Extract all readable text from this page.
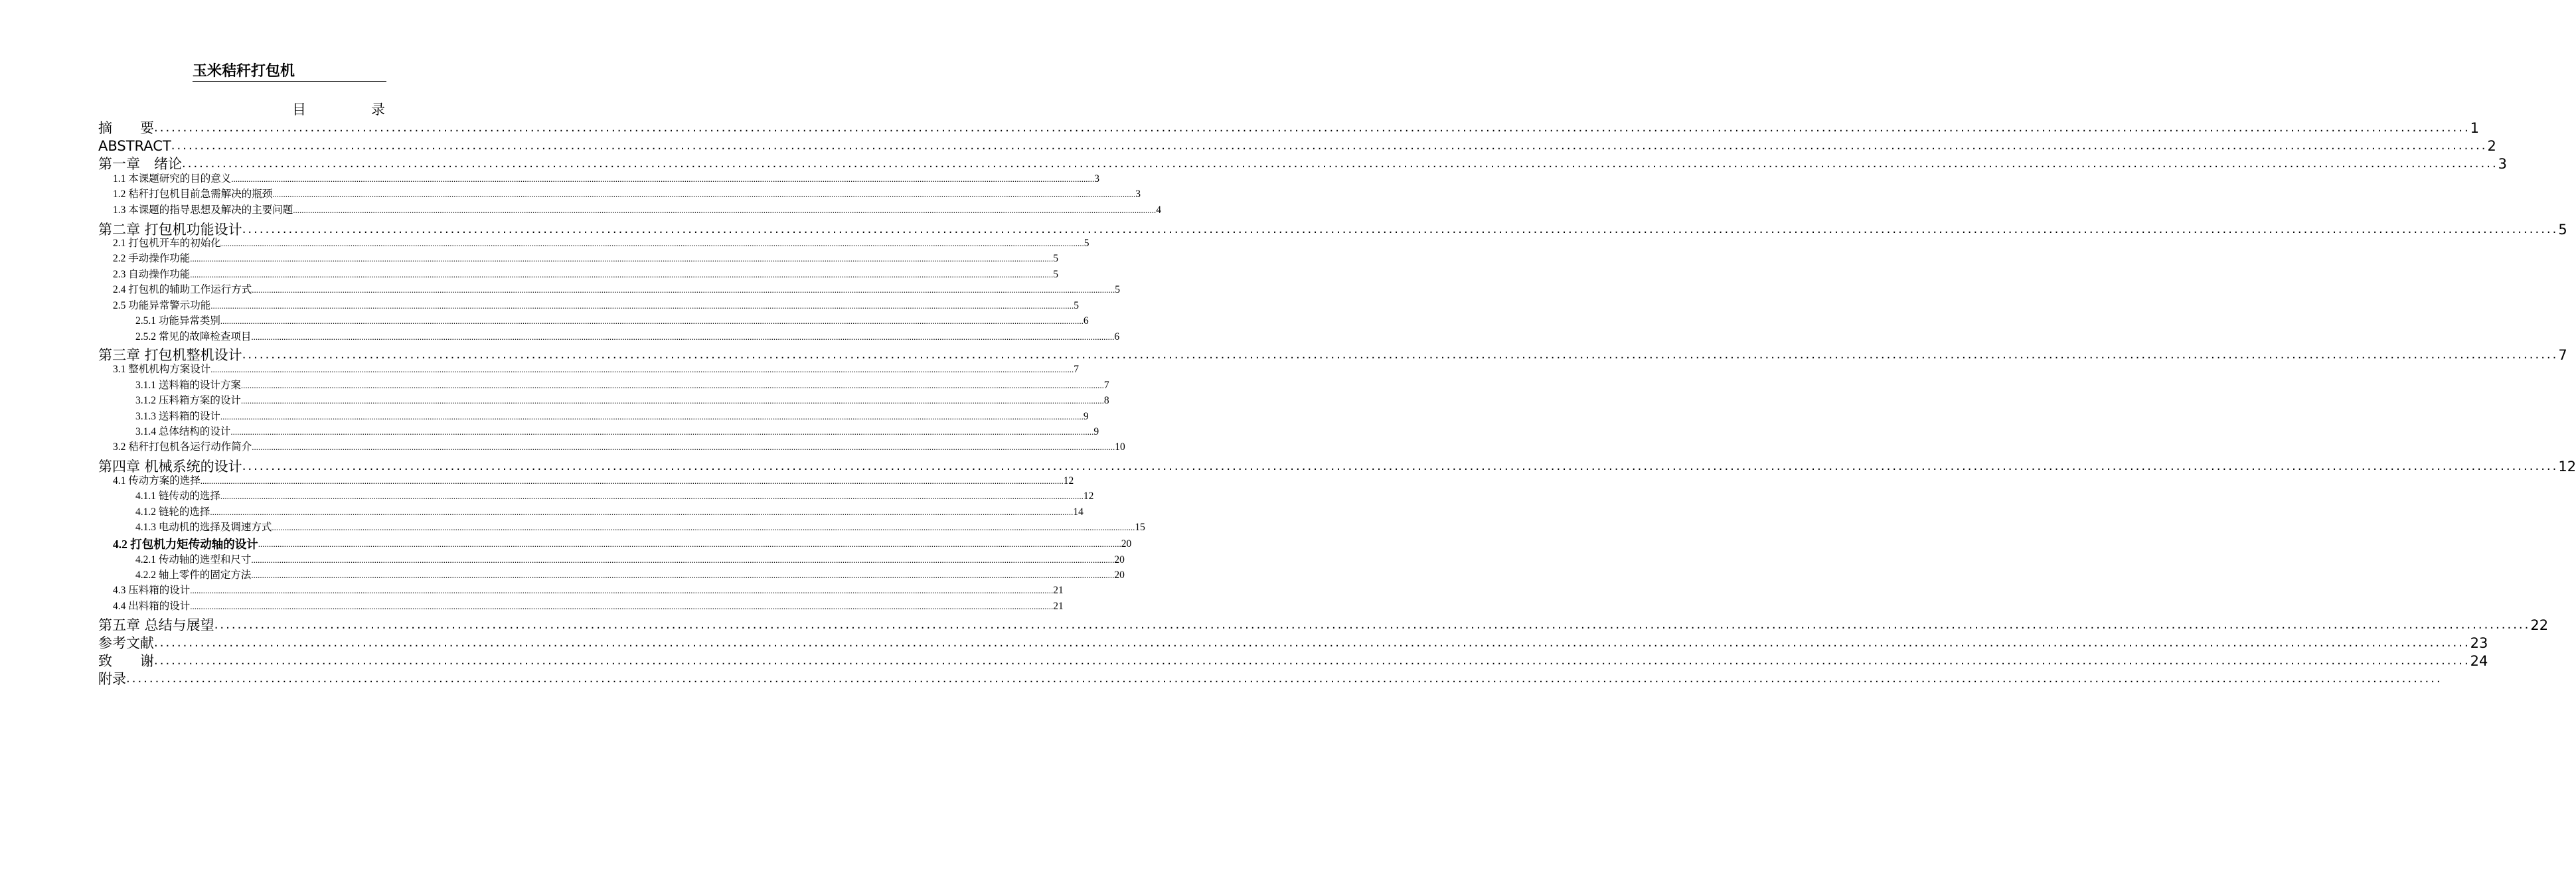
玉米秸秆打包机
目	录
摘　　要 ................................................................................................................................................................................................................................................................................................................................................................................................................ 1
ABSTRACT ................................................................................................................................................................................................................................................................................................................................................................................................................ 2
第一章　绪论 ................................................................................................................................................................................................................................................................................................................................................................................................................ 3
1.1 本课题研究的目的意义 ................................................................................................................................................................................................................................................................................................................................................................................................................ 3
1.2 秸秆打包机目前急需解决的瓶颈 ................................................................................................................................................................................................................................................................................................................................................................................................................ 3
1.3 本课题的指导思想及解决的主要问题 ................................................................................................................................................................................................................................................................................................................................................................................................................ 4
第二章 打包机功能设计 ................................................................................................................................................................................................................................................................................................................................................................................................................ 5
2.1 打包机开车的初始化 ................................................................................................................................................................................................................................................................................................................................................................................................................ 5
2.2 手动操作功能 ................................................................................................................................................................................................................................................................................................................................................................................................................ 5
2.3 自动操作功能 ................................................................................................................................................................................................................................................................................................................................................................................................................ 5
2.4 打包机的辅助工作运行方式 ................................................................................................................................................................................................................................................................................................................................................................................................................ 5
2.5 功能异常警示功能 ................................................................................................................................................................................................................................................................................................................................................................................................................ 5
2.5.1 功能异常类别 ................................................................................................................................................................................................................................................................................................................................................................................................................ 6
2.5.2 常见的故障检查项目 ................................................................................................................................................................................................................................................................................................................................................................................................................ 6
第三章 打包机整机设计 ................................................................................................................................................................................................................................................................................................................................................................................................................ 7
3.1 整机机构方案设计 ................................................................................................................................................................................................................................................................................................................................................................................................................ 7
3.1.1 送料箱的设计方案 ................................................................................................................................................................................................................................................................................................................................................................................................................ 7
3.1.2 压料箱方案的设计 ................................................................................................................................................................................................................................................................................................................................................................................................................ 8
3.1.3 送料箱的设计 ................................................................................................................................................................................................................................................................................................................................................................................................................ 9
3.1.4 总体结构的设计 ................................................................................................................................................................................................................................................................................................................................................................................................................ 9
3.2 秸秆打包机各运行动作简介 ................................................................................................................................................................................................................................................................................................................................................................................................................ 10
第四章 机械系统的设计 ................................................................................................................................................................................................................................................................................................................................................................................................................ 12
4.1 传动方案的选择 ................................................................................................................................................................................................................................................................................................................................................................................................................ 12
4.1.1 链传动的选择 ................................................................................................................................................................................................................................................................................................................................................................................................................ 12
4.1.2 链轮的选择 ................................................................................................................................................................................................................................................................................................................................................................................................................ 14
4.1.3 电动机的选择及调速方式 ................................................................................................................................................................................................................................................................................................................................................................................................................ 15
4.2 打包机力矩传动轴的设计 ................................................................................................................................................................................................................................................................................................................................................................................................................ 20
4.2.1 传动轴的选型和尺寸 ................................................................................................................................................................................................................................................................................................................................................................................................................ 20
4.2.2 轴上零件的固定方法 ................................................................................................................................................................................................................................................................................................................................................................................................................ 20
4.3 压料箱的设计 ................................................................................................................................................................................................................................................................................................................................................................................................................ 21
4.4 出料箱的设计 ................................................................................................................................................................................................................................................................................................................................................................................................................ 21
第五章 总结与展望 ................................................................................................................................................................................................................................................................................................................................................................................................................ 22
参考文献 ................................................................................................................................................................................................................................................................................................................................................................................................................ 23
致　　谢 ................................................................................................................................................................................................................................................................................................................................................................................................................ 24
附录 ................................................................................................................................................................................................................................................................................................................................................................................................................
